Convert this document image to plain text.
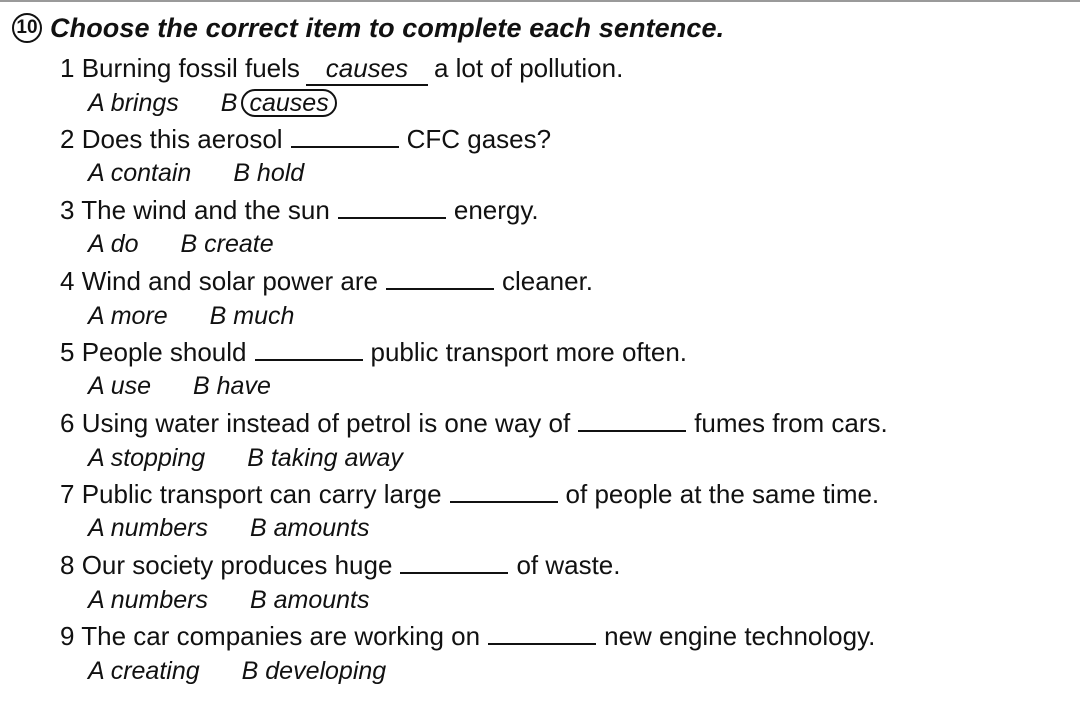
10 Choose the correct item to complete each sentence.
1 Burning fossil fuels causes a lot of pollution.
A brings B causes
2 Does this aerosol	CFC gases?
A contain B hold
3 The wind and the sun	energy.
A do B create
4 Wind and solar power are	cleaner.
A more B much
5 People should	public transport more often.
A use B have
6 Using water instead of petrol is one way of	fumes from cars.
A stopping B taking away
7 Public transport can carry large	of people at the same time.
A numbers B amounts
8 Our society produces huge	of waste.
A numbers B amounts
9 The car companies are working on	new engine technology.
A creating B developing
